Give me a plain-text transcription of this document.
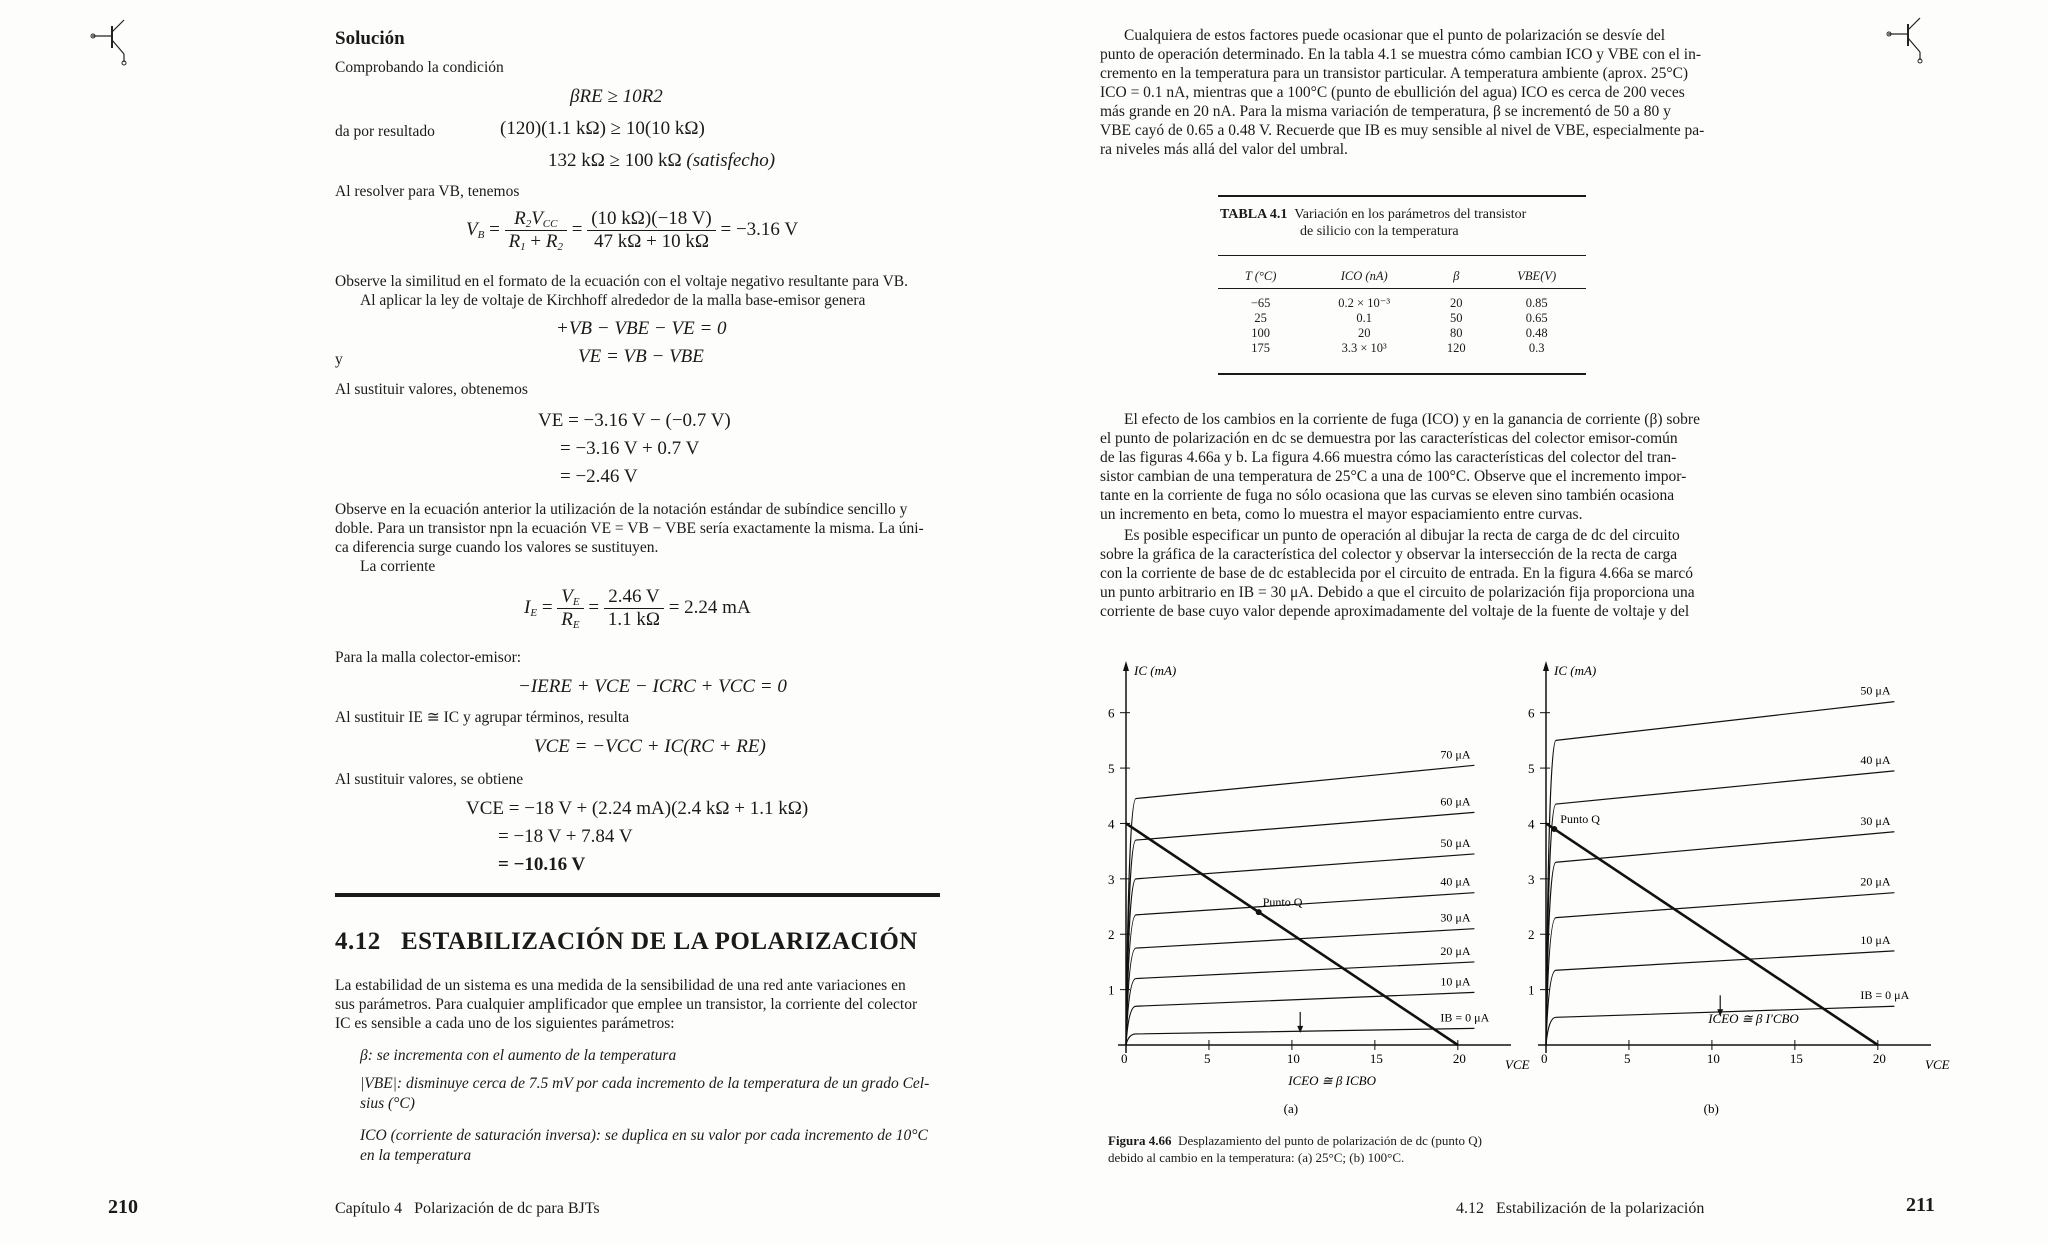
Solución
Comprobando la condición
βRE ≥ 10R2
da por resultado	(120)(1.1 kΩ) ≥ 10(10 kΩ)
132 kΩ ≥ 100 kΩ (satisfecho)
Al resolver para VB, tenemos
$V_B = \frac{R_2V_{CC}}{R_1 + R_2} = \frac{(10 k\Omega)(-18 V)}{47 k\Omega + 10 k\Omega} = -3.16$ V
Observe la similitud en el formato de la ecuación con el voltaje negativo resultante para VB.
Al aplicar la ley de voltaje de Kirchhoff alrededor de la malla base-emisor genera
+VB − VBE − VE = 0
y	VE = VB − VBE
Al sustituir valores, obtenemos
VE = −3.16 V − (−0.7 V)
= −3.16 V + 0.7 V
= −2.46 V
Observe en la ecuación anterior la utilización de la notación estándar de subíndice sencillo y
doble. Para un transistor npn la ecuación VE = VB − VBE sería exactamente la misma. La úni-
ca diferencia surge cuando los valores se sustituyen.
La corriente
$I_E = \frac{V_E}{R_E} = \frac{2.46 V}{1.1 k\Omega} = 2.24$ mA
Para la malla colector-emisor:
−IERE + VCE − ICRC + VCC = 0
Al sustituir IE ≅ IC y agrupar términos, resulta
VCE = −VCC + IC(RC + RE)
Al sustituir valores, se obtiene
VCE = −18 V + (2.24 mA)(2.4 kΩ + 1.1 kΩ)
= −18 V + 7.84 V
= −10.16 V
4.12 ESTABILIZACIÓN DE LA POLARIZACIÓN
La estabilidad de un sistema es una medida de la sensibilidad de una red ante variaciones en
sus parámetros. Para cualquier amplificador que emplee un transistor, la corriente del colector
IC es sensible a cada uno de los siguientes parámetros:
β: se incrementa con el aumento de la temperatura
|VBE|: disminuye cerca de 7.5 mV por cada incremento de la temperatura de un grado Cel-
sius (°C)
ICO (corriente de saturación inversa): se duplica en su valor por cada incremento de 10°C
en la temperatura
210	Capítulo 4   Polarización de dc para BJTs
Cualquiera de estos factores puede ocasionar que el punto de polarización se desvíe del
punto de operación determinado. En la tabla 4.1 se muestra cómo cambian ICO y VBE con el in-
cremento en la temperatura para un transistor particular. A temperatura ambiente (aprox. 25°C)
ICO = 0.1 nA, mientras que a 100°C (punto de ebullición del agua) ICO es cerca de 200 veces
más grande en 20 nA. Para la misma variación de temperatura, β se incrementó de 50 a 80 y
VBE cayó de 0.65 a 0.48 V. Recuerde que IB es muy sensible al nivel de VBE, especialmente pa-
ra niveles más allá del valor del umbral.
TABLA 4.1 Variación en los parámetros del transistor
de silicio con la temperatura
T (°C)	ICO (nA)	β	VBE(V)

−65	0.2 × 10⁻³	20	0.85
25	0.1	50	0.65
100	20	80	0.48
175	3.3 × 10³	120	0.3
El efecto de los cambios en la corriente de fuga (ICO) y en la ganancia de corriente (β) sobre
el punto de polarización en dc se demuestra por las características del colector emisor-común
de las figuras 4.66a y b. La figura 4.66 muestra cómo las características del colector del tran-
sistor cambian de una temperatura de 25°C a una de 100°C. Observe que el incremento impor-
tante en la corriente de fuga no sólo ocasiona que las curvas se eleven sino también ocasiona
un incremento en beta, como lo muestra el mayor espaciamiento entre curvas.
Es posible especificar un punto de operación al dibujar la recta de carga de dc del circuito
sobre la gráfica de la característica del colector y observar la intersección de la recta de carga
con la corriente de base de dc establecida por el circuito de entrada. En la figura 4.66a se marcó
un punto arbitrario en IB = 30 μA. Debido a que el circuito de polarización fija proporciona una
corriente de base cuyo valor depende aproximadamente del voltaje de la fuente de voltaje y del
IC (mA)
VCE
1
2
3
4
5
6
0	5	10	15	20
IB = 0 μA
10 μA
20 μA
30 μA
40 μA
50 μA
60 μA
70 μA
Punto Q
ICEO ≅ β ICBO
(a)
IC (mA)
VCE
1
2
3
4
5
6
0	5	10	15	20
IB = 0 μA
10 μA
20 μA
30 μA
40 μA
50 μA
Punto Q
ICEO ≅ β I′CBO
(b)
Figura 4.66 Desplazamiento del punto de polarización de dc (punto Q)
debido al cambio en la temperatura: (a) 25°C; (b) 100°C.
4.12   Estabilización de la polarización	211
